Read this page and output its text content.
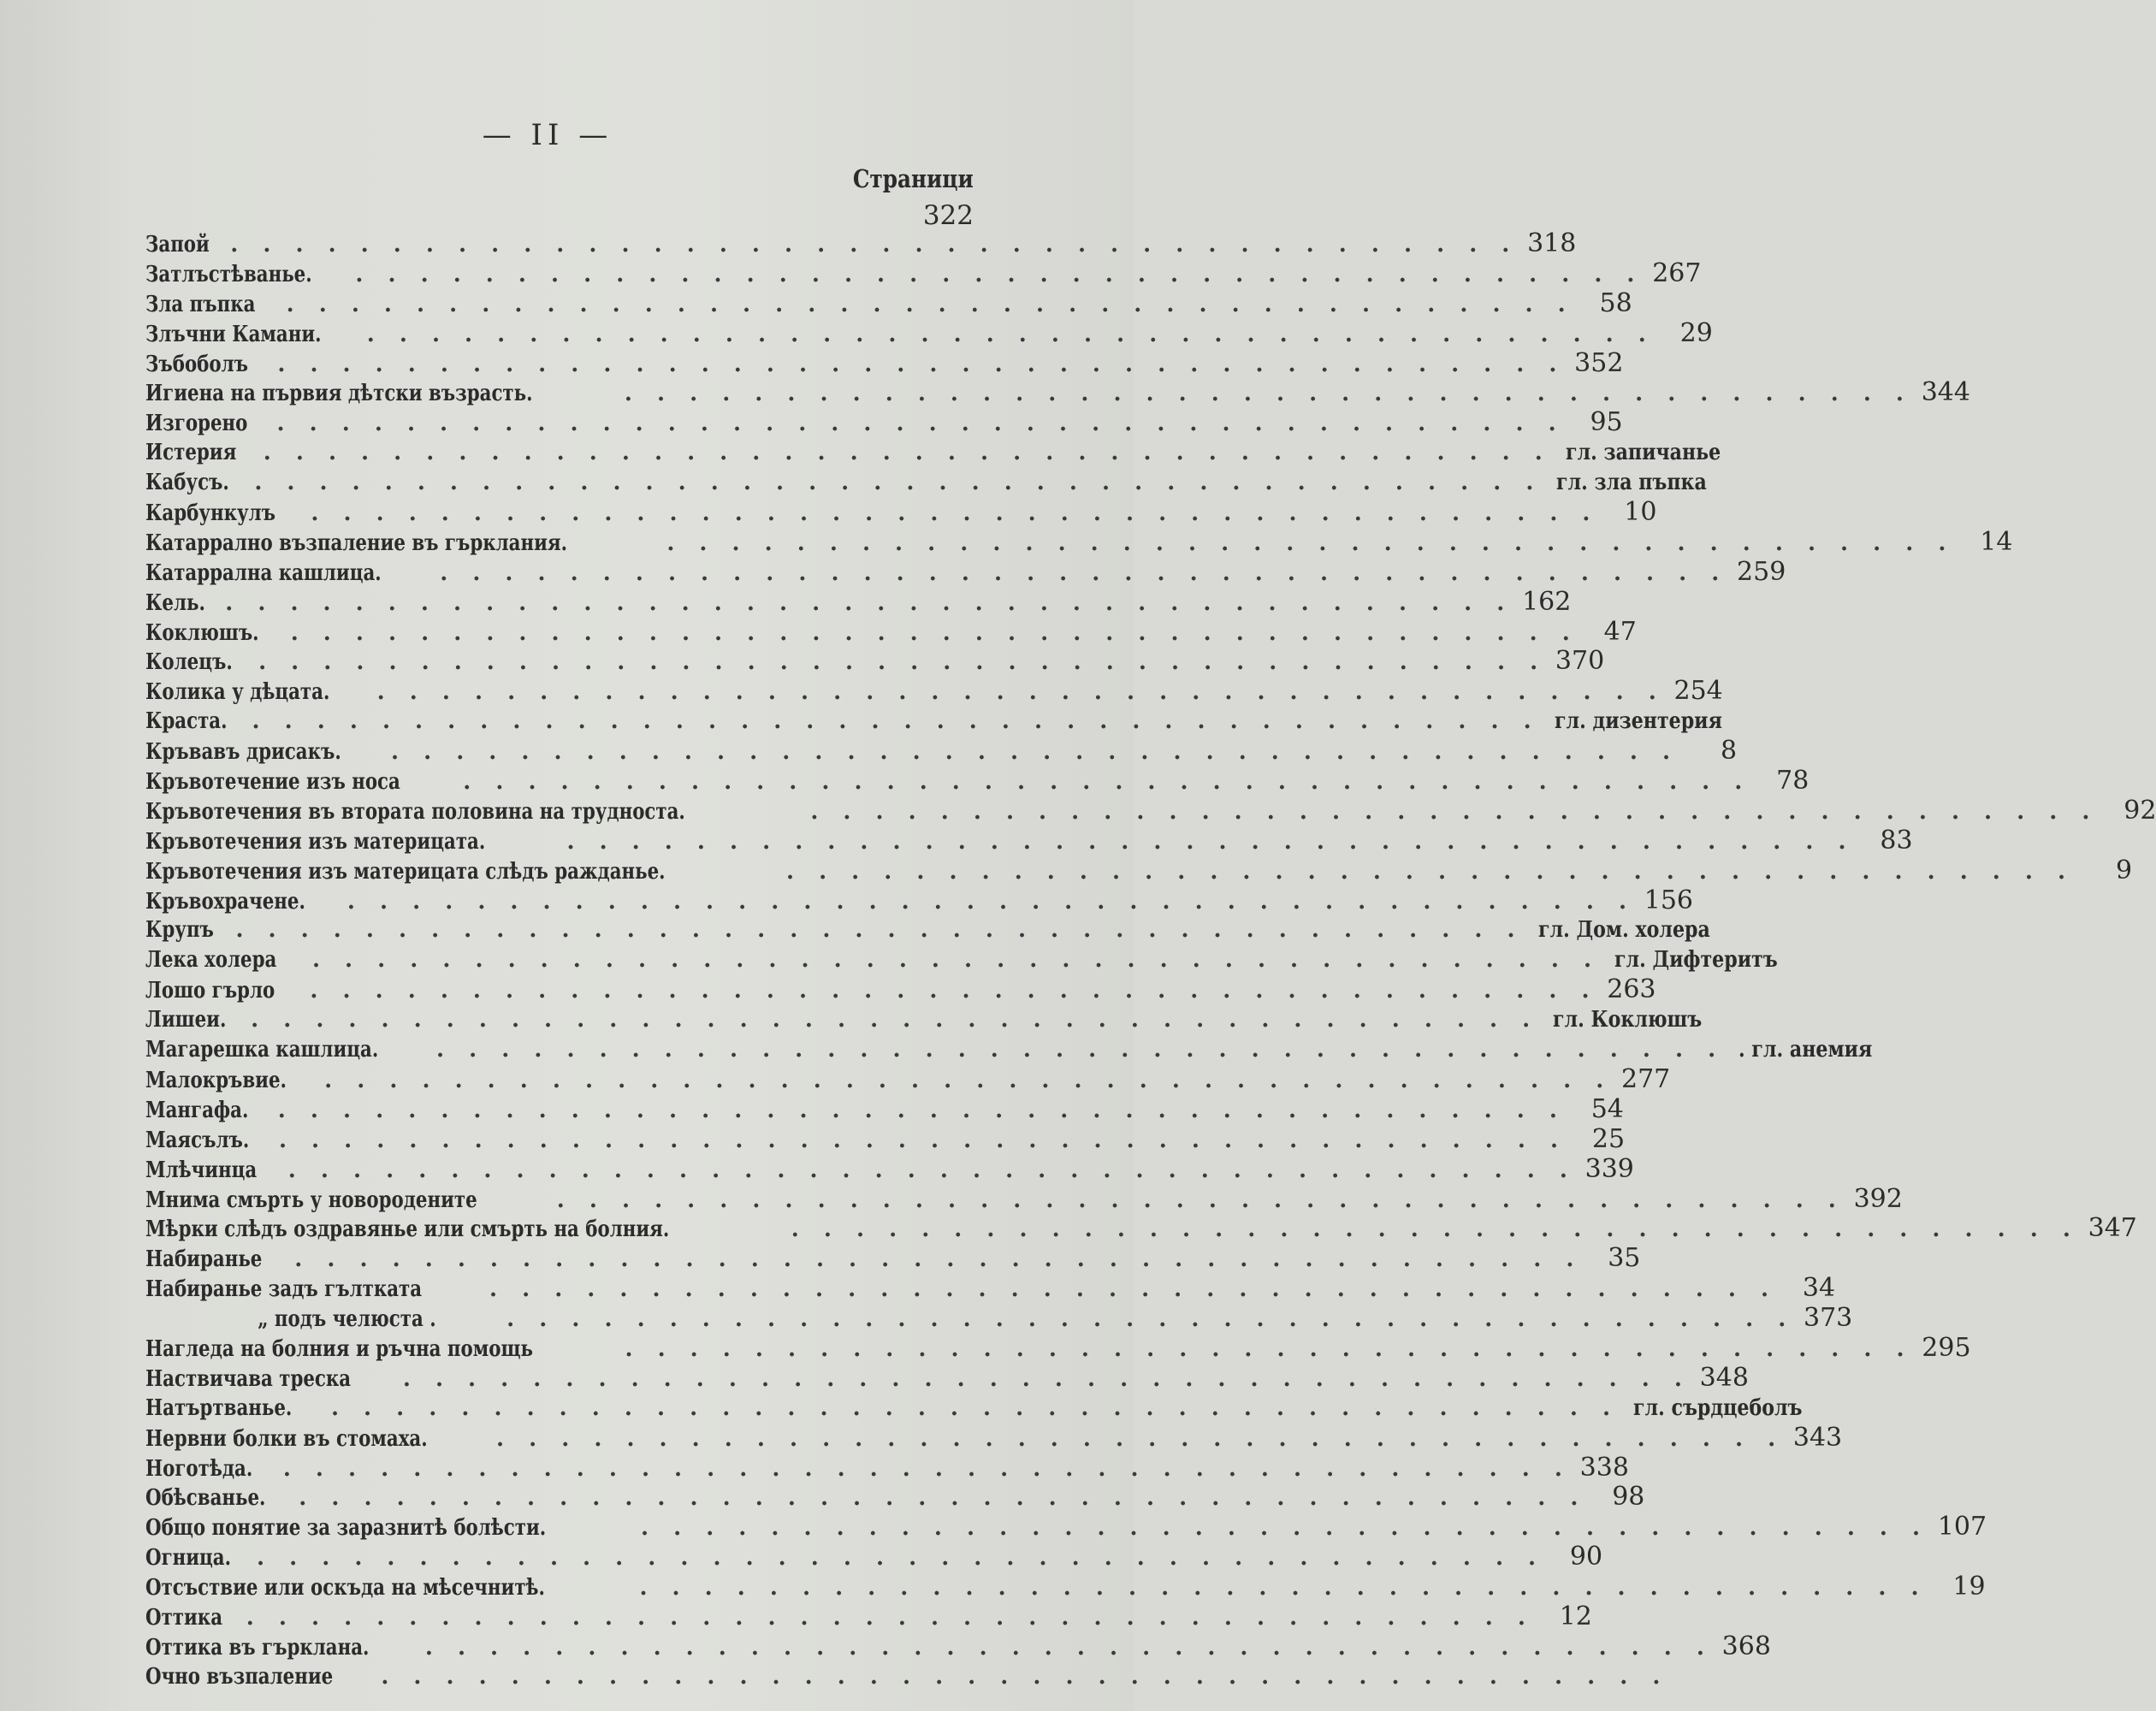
— II —
Страници
322
Запой . . . . . . . . . . . . . . . . . . . . . . . . . . . . . . . . . . . . . . . . 318
Затлъстѣванье. . . . . . . . . . . . . . . . . . . . . . . . . . . . . . . . . . . . . . . . . 267
Зла пъпка . . . . . . . . . . . . . . . . . . . . . . . . . . . . . . . . . . . . . . . . 58
Злъчни Камани. . . . . . . . . . . . . . . . . . . . . . . . . . . . . . . . . . . . . . . . . 29
Зъбоболъ . . . . . . . . . . . . . . . . . . . . . . . . . . . . . . . . . . . . . . . . 352
Игиена на първия дѣтски възрасть.	. . . . . . . . . . . . . . . . . . . . . . . . . . . . . . . . . . . . . . . . 344
Изгорено . . . . . . . . . . . . . . . . . . . . . . . . . . . . . . . . . . . . . . . . 95
Истерия . . . . . . . . . . . . . . . . . . . . . . . . . . . . . . . . . . . . . . . . гл. запичанье
Кабусъ. . . . . . . . . . . . . . . . . . . . . . . . . . . . . . . . . . . . . . . . . гл. зла пъпка
Карбункулъ . . . . . . . . . . . . . . . . . . . . . . . . . . . . . . . . . . . . . . . . 10
Катаррално възпаление въ гърклания.	. . . . . . . . . . . . . . . . . . . . . . . . . . . . . . . . . . . . . . . . 14
Катаррална кашлица.	. . . . . . . . . . . . . . . . . . . . . . . . . . . . . . . . . . . . . . . . 259
Кель. . . . . . . . . . . . . . . . . . . . . . . . . . . . . . . . . . . . . . . . . 162
Коклюшъ. . . . . . . . . . . . . . . . . . . . . . . . . . . . . . . . . . . . . . . . . 47
Колецъ. . . . . . . . . . . . . . . . . . . . . . . . . . . . . . . . . . . . . . . . . 370
Колика у дѣцата. . . . . . . . . . . . . . . . . . . . . . . . . . . . . . . . . . . . . . . . . 254
Краста. . . . . . . . . . . . . . . . . . . . . . . . . . . . . . . . . . . . . . . . . гл. дизентерия
Кръвавъ дрисакъ. . . . . . . . . . . . . . . . . . . . . . . . . . . . . . . . . . . . . . . . .	8
Кръвотечение изъ носа	. . . . . . . . . . . . . . . . . . . . . . . . . . . . . . . . . . . . . . . . 78
Кръвотечения въ втората половина на трудноста.	. . . . . . . . . . . . . . . . . . . . . . . . . . . . . . . . . . . . . . . . 92
Кръвотечения изъ материцата.	. . . . . . . . . . . . . . . . . . . . . . . . . . . . . . . . . . . . . . . . 83
Кръвотечения изъ материцата слѣдъ ражданье.	. . . . . . . . . . . . . . . . . . . . . . . . . . . . . . . . . . . . . . . .	9
Кръвохрачене. . . . . . . . . . . . . . . . . . . . . . . . . . . . . . . . . . . . . . . . . 156
Крупъ . . . . . . . . . . . . . . . . . . . . . . . . . . . . . . . . . . . . . . . . гл. Дом. холера
Лека холера . . . . . . . . . . . . . . . . . . . . . . . . . . . . . . . . . . . . . . . . гл. Дифтеритъ
Лошо гърло . . . . . . . . . . . . . . . . . . . . . . . . . . . . . . . . . . . . . . . . 263
Лишеи. . . . . . . . . . . . . . . . . . . . . . . . . . . . . . . . . . . . . . . . . гл. Коклюшъ
Магарешка кашлица.	. . . . . . . . . . . . . . . . . . . . . . . . . . . . . . . . . . . . . . . . . гл. анемия
Малокръвие. . . . . . . . . . . . . . . . . . . . . . . . . . . . . . . . . . . . . . . . . 277
Мангафа. . . . . . . . . . . . . . . . . . . . . . . . . . . . . . . . . . . . . . . . . 54
Маясълъ. . . . . . . . . . . . . . . . . . . . . . . . . . . . . . . . . . . . . . . . . 25
Млѣчинца . . . . . . . . . . . . . . . . . . . . . . . . . . . . . . . . . . . . . . . . 339
Мнима смърть у новородените	. . . . . . . . . . . . . . . . . . . . . . . . . . . . . . . . . . . . . . . . 392
Мѣрки слѣдъ оздравянье или смърть на болния.	. . . . . . . . . . . . . . . . . . . . . . . . . . . . . . . . . . . . . . . . 347
Набиранье . . . . . . . . . . . . . . . . . . . . . . . . . . . . . . . . . . . . . . . . 35
Набиранье задъ гълтката	. . . . . . . . . . . . . . . . . . . . . . . . . . . . . . . . . . . . . . . . 34
„ подъ челюста .	. . . . . . . . . . . . . . . . . . . . . . . . . . . . . . . . . . . . . . . . 373
Нагледа на болния и ръчна помощь	. . . . . . . . . . . . . . . . . . . . . . . . . . . . . . . . . . . . . . . . 295
Наствичава треска . . . . . . . . . . . . . . . . . . . . . . . . . . . . . . . . . . . . . . . . 348
Натъртванье. . . . . . . . . . . . . . . . . . . . . . . . . . . . . . . . . . . . . . . . . гл. сърдцеболъ
Нервни болки въ стомаха.	. . . . . . . . . . . . . . . . . . . . . . . . . . . . . . . . . . . . . . . . 343
Ноготѣда. . . . . . . . . . . . . . . . . . . . . . . . . . . . . . . . . . . . . . . . . 338
Обѣсванье. . . . . . . . . . . . . . . . . . . . . . . . . . . . . . . . . . . . . . . . . 98
Общо понятие за заразнитѣ болѣсти.	. . . . . . . . . . . . . . . . . . . . . . . . . . . . . . . . . . . . . . . . 107
Огница. . . . . . . . . . . . . . . . . . . . . . . . . . . . . . . . . . . . . . . . . 90
Отсъствие или оскъда на мѣсечнитѣ.	. . . . . . . . . . . . . . . . . . . . . . . . . . . . . . . . . . . . . . . . 19
Оттика . . . . . . . . . . . . . . . . . . . . . . . . . . . . . . . . . . . . . . . . 12
Оттика въ гърклана.	. . . . . . . . . . . . . . . . . . . . . . . . . . . . . . . . . . . . . . . . 368
Очно възпаление . . . . . . . . . . . . . . . . . . . . . . . . . . . . . . . . . . . . . . . .
